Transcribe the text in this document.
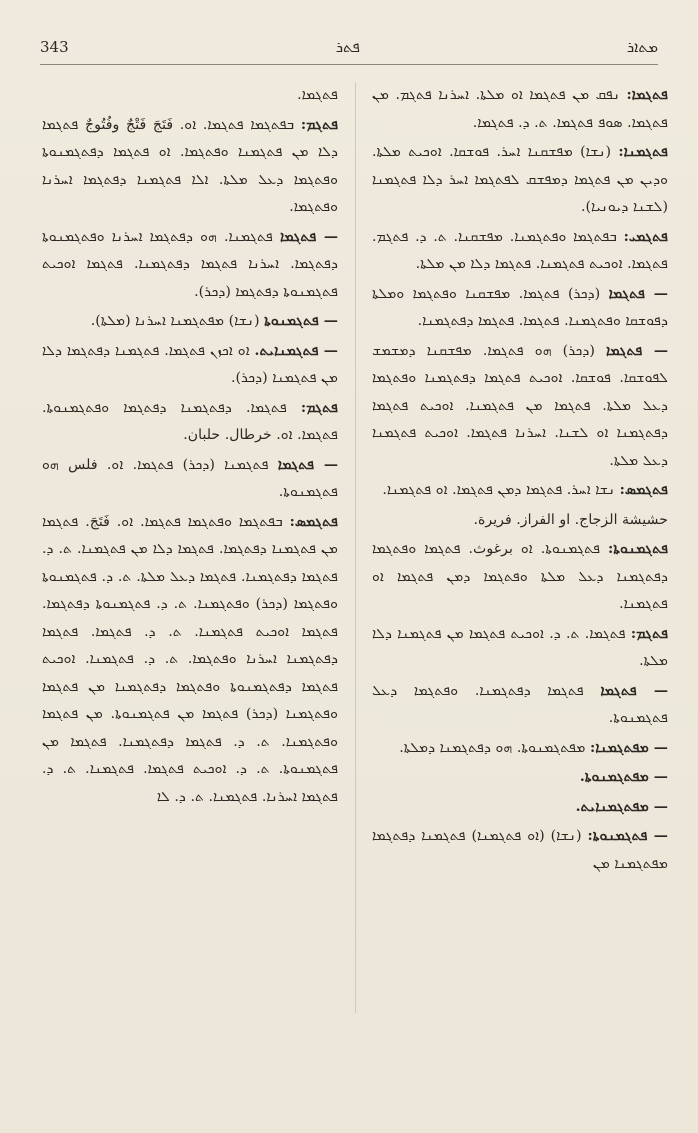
343	ܦܬܪ	ܡܬܐܪ

ܦܬܓܡܐ: ܢܦܩ ܡܢ ܦܬܓܡܐ ܐܘ ܡܠܬܐ. ܐܚܪܢܐ ܦܬܓܡ. ܡܢ ܦܬܓܡܐ. ܣܘܦ ܦܬܓܡܐ. ܬ. ܕ. ܦܬܓܡܐ.

ܦܬܓܡܢܐ: (ܢܫܐ) ܡܦܫܩܢܐ ܐܚܪ. ܦܘܫܩܐ. ܐܘܟܝܬ ܡܠܬܐ. ܘܕܝܢ ܡܢ ܦܬܓܡܐ ܕܡܦܫܩ ܠܦܬܓܡܐ ܐܚܪ ܕܠܐ ܦܬܓܡܢܐ (ܠܫܢܐ ܕܝܘܢܝܐ).

ܦܬܓܡܝ: ܒܦܬܓܡܐ ܘܦܬܓܡܢܐ. ܡܦܫܩܢܐ. ܬ. ܕ. ܦܬܓܡ. ܦܬܓܡܐ. ܐܘܟܝܬ ܦܬܓܡܢܐ. ܦܬܓܡܐ ܕܠܐ ܡܢ ܡܠܬܐ.

— ܦܬܓܡܐ (ܕܟܪ) ܦܬܓܡܐ. ܡܦܫܩܢܐ ܘܦܬܓܡܐ ܘܡܠܬܐ ܕܦܘܫܩܐ ܘܦܬܓܡܢܐ. ܦܬܓܡܐ. ܦܬܓܡܐ ܕܦܬܓܡܢܐ.

— ܦܬܓܡܐ (ܕܟܪ) ܗܘ ܦܬܓܡܐ. ܡܦܫܩܢܐ ܕܡܫܡܫ ܠܦܘܫܩܐ. ܦܘܫܩܐ. ܐܘܟܝܬ ܦܬܓܡܐ ܕܦܬܓܡܢܐ ܘܦܬܓܡܐ ܕܥܠ ܡܠܬܐ. ܦܬܓܡܐ ܡܢ ܦܬܓܡܢܐ. ܐܘܟܝܬ ܦܬܓܡܐ ܕܦܬܓܡܢܐ ܐܘ ܠܫܢܐ. ܐܚܪܢܐ ܦܬܓܡܐ. ܐܘܟܝܬ ܦܬܓܡܢܐ ܕܥܠ ܡܠܬܐ.

ܦܬܓܡܣ: ܢܫܐ ܐܚܪ. ܦܬܓܡܐ ܕܡܢ ܦܬܓܡܐ. ܐܘ ܦܬܓܡܢܐ.

حشيشة الزجاج. او الفراز. فريرة.

ܦܬܓܡܢܘܬܐ: ܦܬܓܡܢܘܬܐ. ܐܘ برغوث. ܦܬܓܡܐ ܘܦܬܓܡܐ ܕܦܬܓܡܢܐ ܕܥܠ ܡܠܬܐ ܘܦܬܓܡܐ ܕܡܢ ܦܬܓܡܐ ܐܘ ܦܬܓܡܢܐ.

ܦܬܓܡ: ܦܬܓܡܐ. ܬ. ܕ. ܐܘܟܝܬ ܦܬܓܡܐ ܡܢ ܦܬܓܡܢܐ ܕܠܐ ܡܠܬܐ.

— ܦܬܓܡܐ ܦܬܓܡܐ ܕܦܬܓܡܢܐ. ܘܦܬܓܡܐ ܕܥܠ ܦܬܓܡܢܘܬܐ.

— ܡܦܬܓܡܢܐ: ܡܦܬܓܡܢܘܬܐ. ܗܘ ܕܦܬܓܡܢܐ ܕܡܠܬܐ.

— ܡܦܬܓܡܢܘܬܐ.

— ܡܦܬܓܡܢܐܝܬ.

— ܦܬܓܡܢܘܬܐ: (ܢܫܐ) (ܐܘ ܦܬܓܡܢܐ) ܦܬܓܡܢܐ ܕܦܬܓܡܐ ܡܦܬܓܡܢܐ ܡܢ

ܦܬܓܡܐ.

ܦܬܓܡ: ܒܦܬܓܡܐ ܦܬܓܡܐ. ܐܘ. فَتَجَ فَتْجٌ وفُتُوجٌ ܦܬܓܡܐ ܕܠܐ ܡܢ ܦܬܓܡܢܐ ܘܦܬܓܡܐ. ܐܘ ܦܬܓܡܐ ܕܦܬܓܡܢܘܬܐ ܘܦܬܓܡܐ ܕܥܠ ܡܠܬܐ. ܐܠܐ ܦܬܓܡܢܐ ܕܦܬܓܡܐ ܐܚܪܢܐ ܘܦܬܓܡܐ.

— ܦܬܓܡܐ ܦܬܓܡܢܐ. ܗܘ ܕܦܬܓܡܐ ܐܚܪܢܐ ܘܦܬܓܡܢܘܬܐ ܕܦܬܓܡܐ. ܐܚܪܢܐ ܦܬܓܡܐ ܕܦܬܓܡܢܐ. ܦܬܓܡܐ ܐܘܟܝܬ ܦܬܓܡܢܘܬܐ ܕܦܬܓܡܐ (ܕܟܪ).

— ܦܬܓܡܢܘܬܐ (ܢܫܐ) ܡܦܬܓܡܢܐ ܐܚܪܢܐ (ܡܠܬܐ).

— ܦܬܓܡܢܐܝܬ. ܐܘ ܐܟܙܢ ܦܬܓܡܐ. ܦܬܓܡܢܐ ܕܦܬܓܡܐ ܕܠܐ ܡܢ ܦܬܓܡܢܐ (ܕܟܪ).

ܦܬܓܡ: ܦܬܓܡܐ. ܕܦܬܓܡܢܐ ܕܦܬܓܡܐ ܘܦܬܓܡܢܘܬܐ. ܦܬܓܡܐ. ܐܘ. خرطال. حلبان.

— ܦܬܓܡܐ ܦܬܓܡܢܐ (ܕܟܪ) ܦܬܓܡܐ. ܐܘ. فلس ܗܘ ܦܬܓܡܢܘܬܐ.

ܦܬܓܡܣ: ܒܦܬܓܡܐ ܘܦܬܓܡܐ ܦܬܓܡܐ. ܐܘ. فَتَجَ. ܦܬܓܡܐ ܡܢ ܦܬܓܡܢܐ ܕܦܬܓܡܐ. ܦܬܓܡܐ ܕܠܐ ܡܢ ܦܬܓܡܢܐ. ܬ. ܕ. ܦܬܓܡܐ ܕܦܬܓܡܢܐ. ܦܬܓܡܐ ܕܥܠ ܡܠܬܐ. ܬ. ܕ. ܦܬܓܡܢܘܬܐ ܘܦܬܓܡܐ (ܕܟܪ) ܘܦܬܓܡܢܐ. ܬ. ܕ. ܦܬܓܡܢܘܬܐ ܕܦܬܓܡܐ. ܦܬܓܡܐ ܐܘܟܝܬ ܦܬܓܡܢܐ. ܬ. ܕ. ܦܬܓܡܐ. ܦܬܓܡܐ ܕܦܬܓܡܢܐ ܐܚܪܢܐ ܘܦܬܓܡܐ. ܬ. ܕ. ܦܬܓܡܢܐ. ܐܘܟܝܬ ܦܬܓܡܐ ܕܦܬܓܡܢܘܬܐ ܘܦܬܓܡܐ ܕܦܬܓܡܢܐ ܡܢ ܦܬܓܡܐ ܘܦܬܓܡܢܐ (ܕܟܪ) ܦܬܓܡܐ ܡܢ ܦܬܓܡܢܘܬܐ. ܡܢ ܦܬܓܡܐ ܘܦܬܓܡܢܐ. ܬ. ܕ. ܦܬܓܡܐ ܕܦܬܓܡܢܐ. ܦܬܓܡܐ ܡܢ ܦܬܓܡܢܘܬܐ. ܬ. ܕ. ܐܘܟܝܬ ܦܬܓܡܐ. ܦܬܓܡܢܐ. ܬ. ܕ. ܦܬܓܡܐ ܐܚܪܢܐ. ܦܬܓܡܢܐ. ܬ. ܕ. ܠܐ
